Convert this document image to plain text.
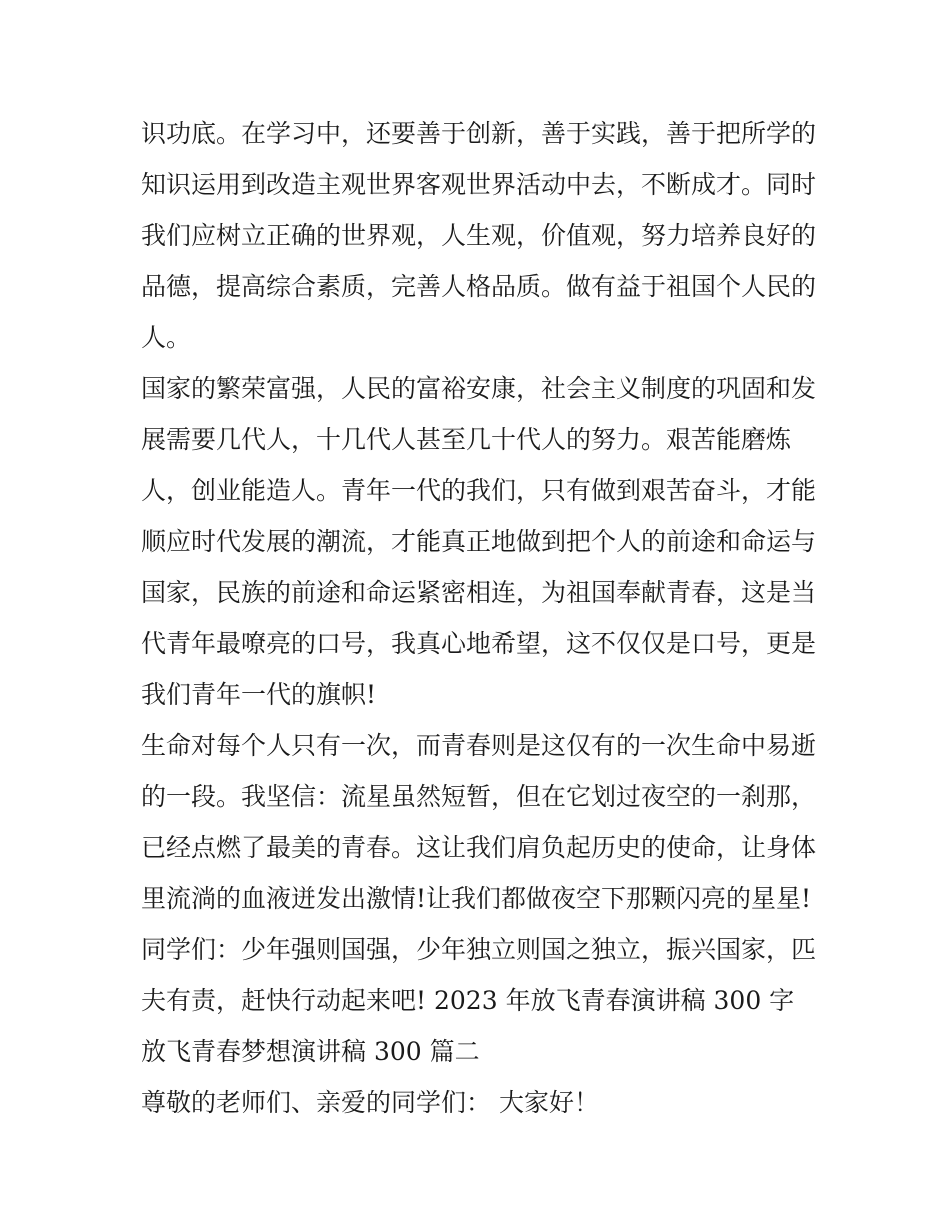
识功底。在学习中，还要善于创新，善于实践，善于把所学的知识运用到改造主观世界客观世界活动中去，不断成才。同时我们应树立正确的世界观，人生观，价值观，努力培养良好的品德，提高综合素质，完善人格品质。做有益于祖国个人民的人。

国家的繁荣富强，人民的富裕安康，社会主义制度的巩固和发展需要几代人，十几代人甚至几十代人的努力。艰苦能磨炼人，创业能造人。青年一代的我们，只有做到艰苦奋斗，才能顺应时代发展的潮流，才能真正地做到把个人的前途和命运与国家，民族的前途和命运紧密相连，为祖国奉献青春，这是当代青年最嘹亮的口号，我真心地希望，这不仅仅是口号，更是我们青年一代的旗帜!

生命对每个人只有一次，而青春则是这仅有的一次生命中易逝的一段。我坚信：流星虽然短暂，但在它划过夜空的一刹那，已经点燃了最美的青春。这让我们肩负起历史的使命，让身体里流淌的血液迸发出激情!让我们都做夜空下那颗闪亮的星星!

同学们：少年强则国强，少年独立则国之独立，振兴国家，匹夫有责，赶快行动起来吧! 2023 年放飞青春演讲稿 300 字 放飞青春梦想演讲稿 300 篇二

尊敬的老师们、亲爱的同学们： 大家好！
